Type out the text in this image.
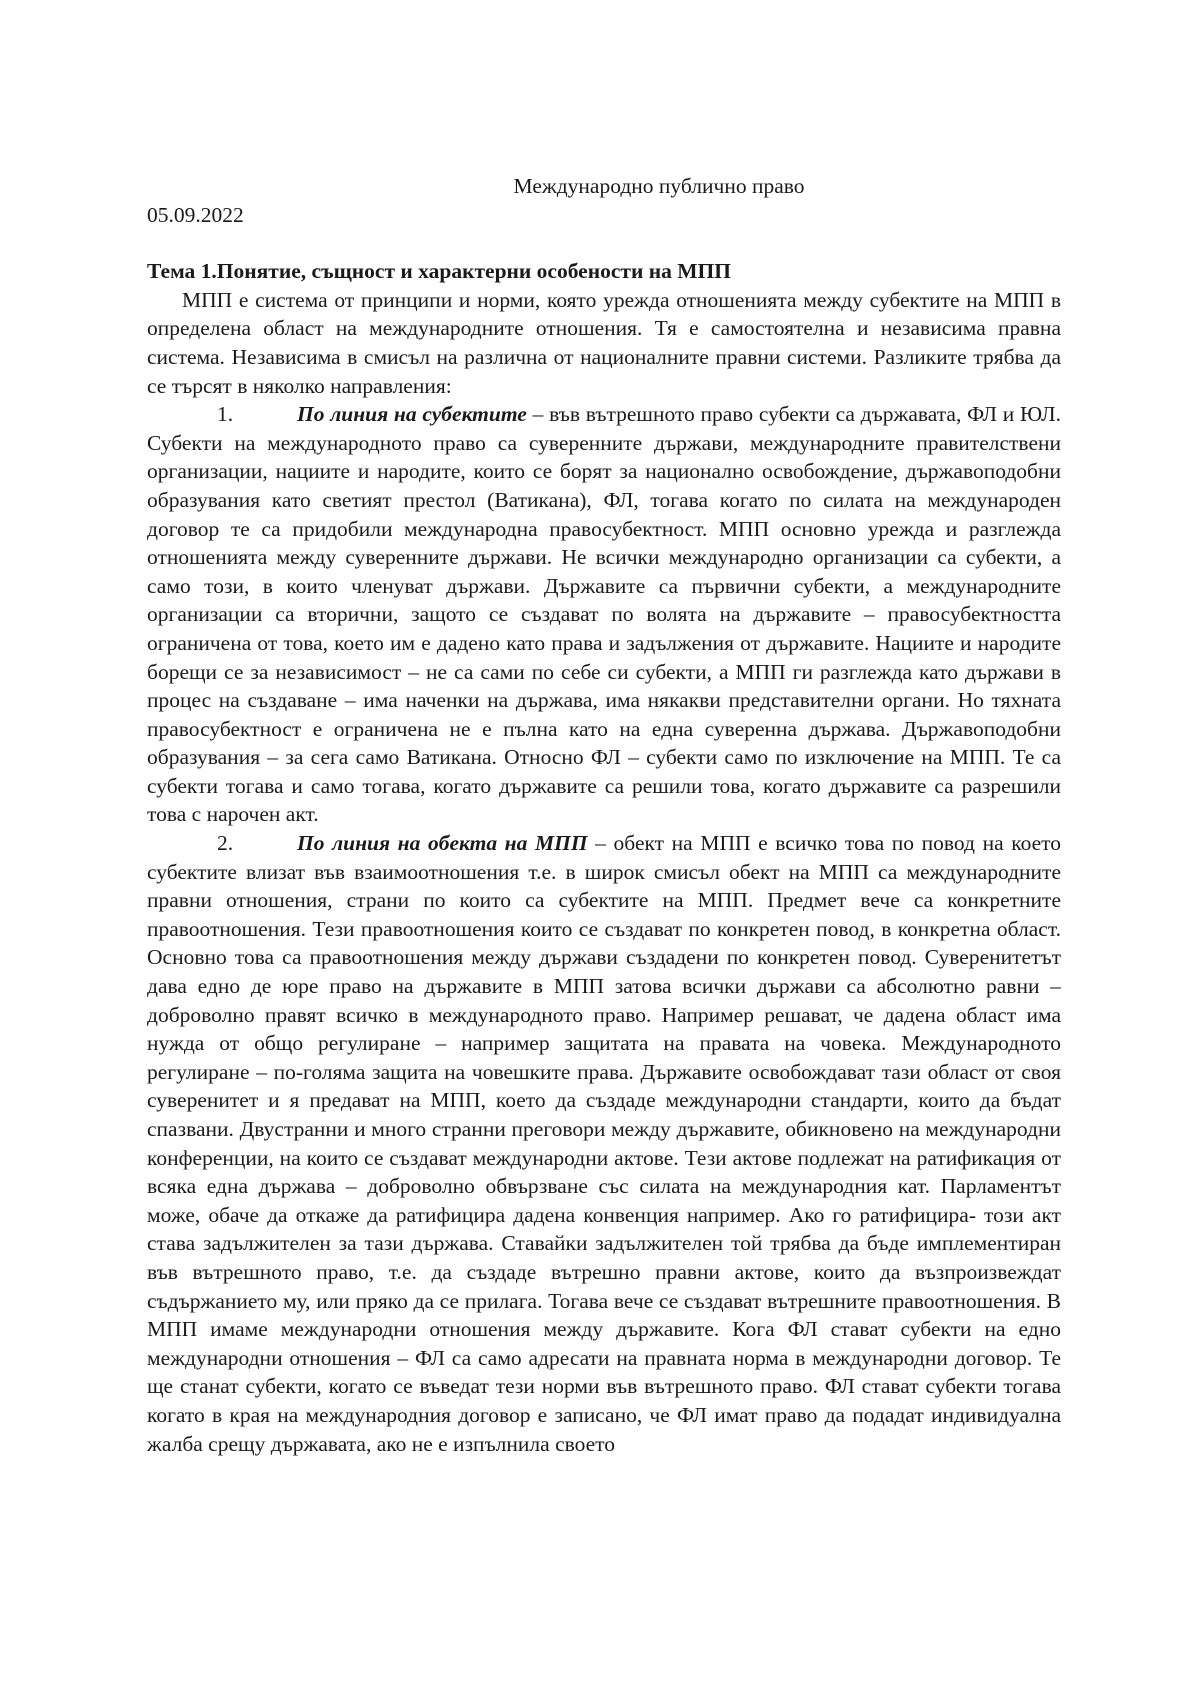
Международно публично право

05.09.2022

Тема 1.Понятие, същност и характерни особености на МПП

МПП е система от принципи и норми, която урежда отношенията между субектите на МПП в определена област на международните отношения. Тя е самостоятелна и независима правна система. Независима в смисъл на различна от националните правни системи. Разликите трябва да се търсят в няколко направления:

1.	По линия на субектите – във вътрешното право субекти са държавата, ФЛ и ЮЛ. Субекти на международното право са суверенните държави, международните правителствени организации, нациите и народите, които се борят за национално освобождение, държавоподобни образувания като светият престол (Ватикана), ФЛ, тогава когато по силата на международен договор те са придобили международна правосубектност. МПП основно урежда и разглежда отношенията между суверенните държави. Не всички международно организации са субекти, а само този, в които членуват държави. Държавите са първични субекти, а международните организации са вторични, защото се създават по волята на държавите – правосубектността ограничена от това, което им е дадено като права и задължения от държавите. Нациите и народите борещи се за независимост – не са сами по себе си субекти, а МПП ги разглежда като държави в процес на създаване – има наченки на държава, има някакви представителни органи. Но тяхната правосубектност е ограничена не е пълна като на една суверенна държава. Държавоподобни образувания – за сега само Ватикана. Относно ФЛ – субекти само по изключение на МПП. Те са субекти тогава и само тогава, когато държавите са решили това, когато държавите са разрешили това с нарочен акт.

2.	По линия на обекта на МПП – обект на МПП е всичко това по повод на което субектите влизат във взаимоотношения т.е. в широк смисъл обект на МПП са международните правни отношения, страни по които са субектите на МПП. Предмет вече са конкретните правоотношения. Тези правоотношения които се създават по конкретен повод, в конкретна област. Основно това са правоотношения между държави създадени по конкретен повод. Суверенитетът дава едно де юре право на държавите в МПП затова всички държави са абсолютно равни – доброволно правят всичко в международното право. Например решават, че дадена област има нужда от общо регулиране – например защитата на правата на човека. Международното регулиране – по-голяма защита на човешките права. Държавите освобождават тази област от своя суверенитет и я предават на МПП, което да създаде международни стандарти, които да бъдат спазвани. Двустранни и много странни преговори между държавите, обикновено на международни конференции, на които се създават международни актове. Тези актове подлежат на ратификация от всяка една държава – доброволно обвързване със силата на международния кат. Парламентът може, обаче да откаже да ратифицира дадена конвенция например. Ако го ратифицира- този акт става задължителен за тази държава. Ставайки задължителен той трябва да бъде имплементиран във вътрешното право, т.е. да създаде вътрешно правни актове, които да възпроизвеждат съдържанието му, или пряко да се прилага. Тогава вече се създават вътрешните правоотношения. В МПП имаме международни отношения между държавите. Кога ФЛ стават субекти на едно международни отношения – ФЛ са само адресати на правната норма в международни договор. Те ще станат субекти, когато се въведат тези норми във вътрешното право. ФЛ стават субекти тогава когато в края на международния договор е записано, че ФЛ имат право да подадат индивидуална жалба срещу държавата, ако не е изпълнила своето
